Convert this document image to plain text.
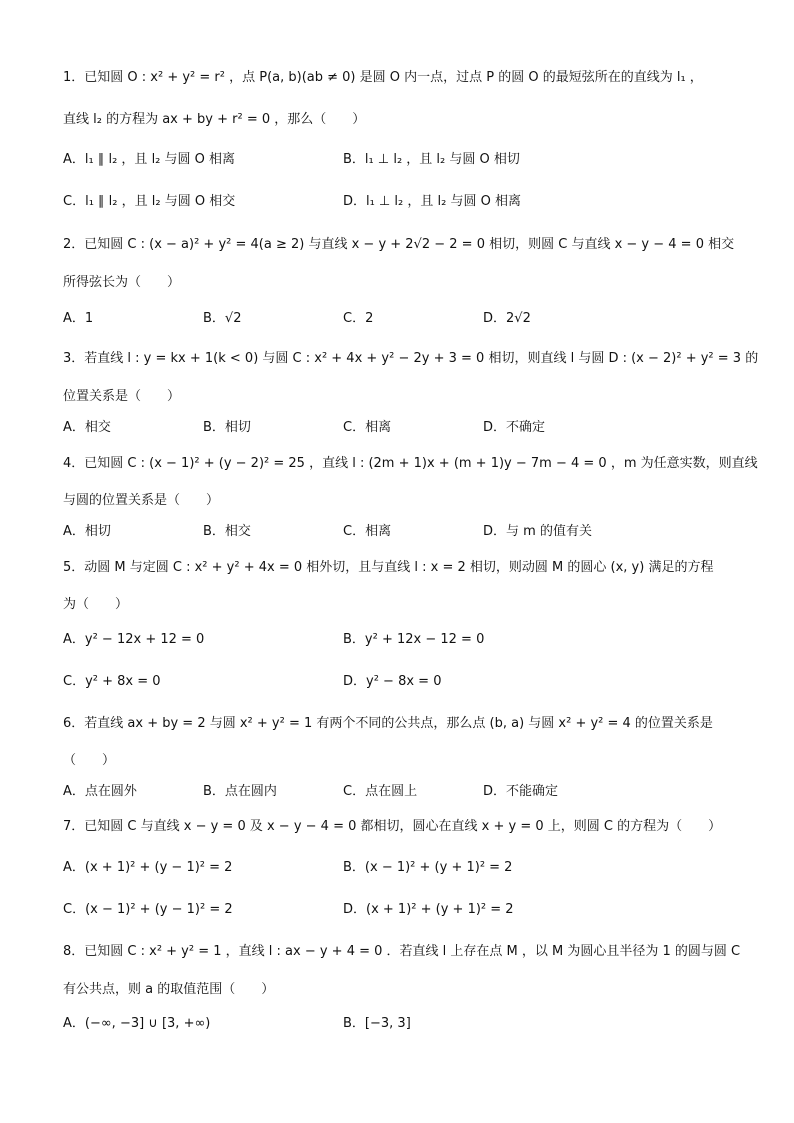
1．已知圆 O : x² + y² = r² ，点 P(a, b)(ab ≠ 0) 是圆 O 内一点，过点 P 的圆 O 的最短弦所在的直线为 l₁ ，
直线 l₂ 的方程为 ax + by + r² = 0 ，那么（　　）
A．l₁ ∥ l₂ ，且 l₂ 与圆 O 相离	B．l₁ ⊥ l₂ ，且 l₂ 与圆 O 相切
C．l₁ ∥ l₂ ，且 l₂ 与圆 O 相交	D．l₁ ⊥ l₂ ，且 l₂ 与圆 O 相离
2．已知圆 C : (x − a)² + y² = 4(a ≥ 2) 与直线 x − y + 2√2 − 2 = 0 相切，则圆 C 与直线 x − y − 4 = 0 相交
所得弦长为（　　）
A．1	B．√2	C．2	D．2√2
3．若直线 l : y = kx + 1(k < 0) 与圆 C : x² + 4x + y² − 2y + 3 = 0 相切，则直线 l 与圆 D : (x − 2)² + y² = 3 的
位置关系是（　　）
A．相交	B．相切	C．相离	D．不确定
4．已知圆 C : (x − 1)² + (y − 2)² = 25 ，直线 l : (2m + 1)x + (m + 1)y − 7m − 4 = 0 ，m 为任意实数，则直线
与圆的位置关系是（　　）
A．相切	B．相交	C．相离	D．与 m 的值有关
5．动圆 M 与定圆 C : x² + y² + 4x = 0 相外切，且与直线 l : x = 2 相切，则动圆 M 的圆心 (x, y) 满足的方程
为（　　）
A．y² − 12x + 12 = 0	B．y² + 12x − 12 = 0
C．y² + 8x = 0	D．y² − 8x = 0
6．若直线 ax + by = 2 与圆 x² + y² = 1 有两个不同的公共点，那么点 (b, a) 与圆 x² + y² = 4 的位置关系是
（　　）
A．点在圆外	B．点在圆内	C．点在圆上	D．不能确定
7．已知圆 C 与直线 x − y = 0 及 x − y − 4 = 0 都相切，圆心在直线 x + y = 0 上，则圆 C 的方程为（　　）
A．(x + 1)² + (y − 1)² = 2	B．(x − 1)² + (y + 1)² = 2
C．(x − 1)² + (y − 1)² = 2	D．(x + 1)² + (y + 1)² = 2
8．已知圆 C : x² + y² = 1 ，直线 l : ax − y + 4 = 0 ．若直线 l 上存在点 M ，以 M 为圆心且半径为 1 的圆与圆 C
有公共点，则 a 的取值范围（　　）
A．(−∞, −3] ∪ [3, +∞)	B．[−3, 3]
